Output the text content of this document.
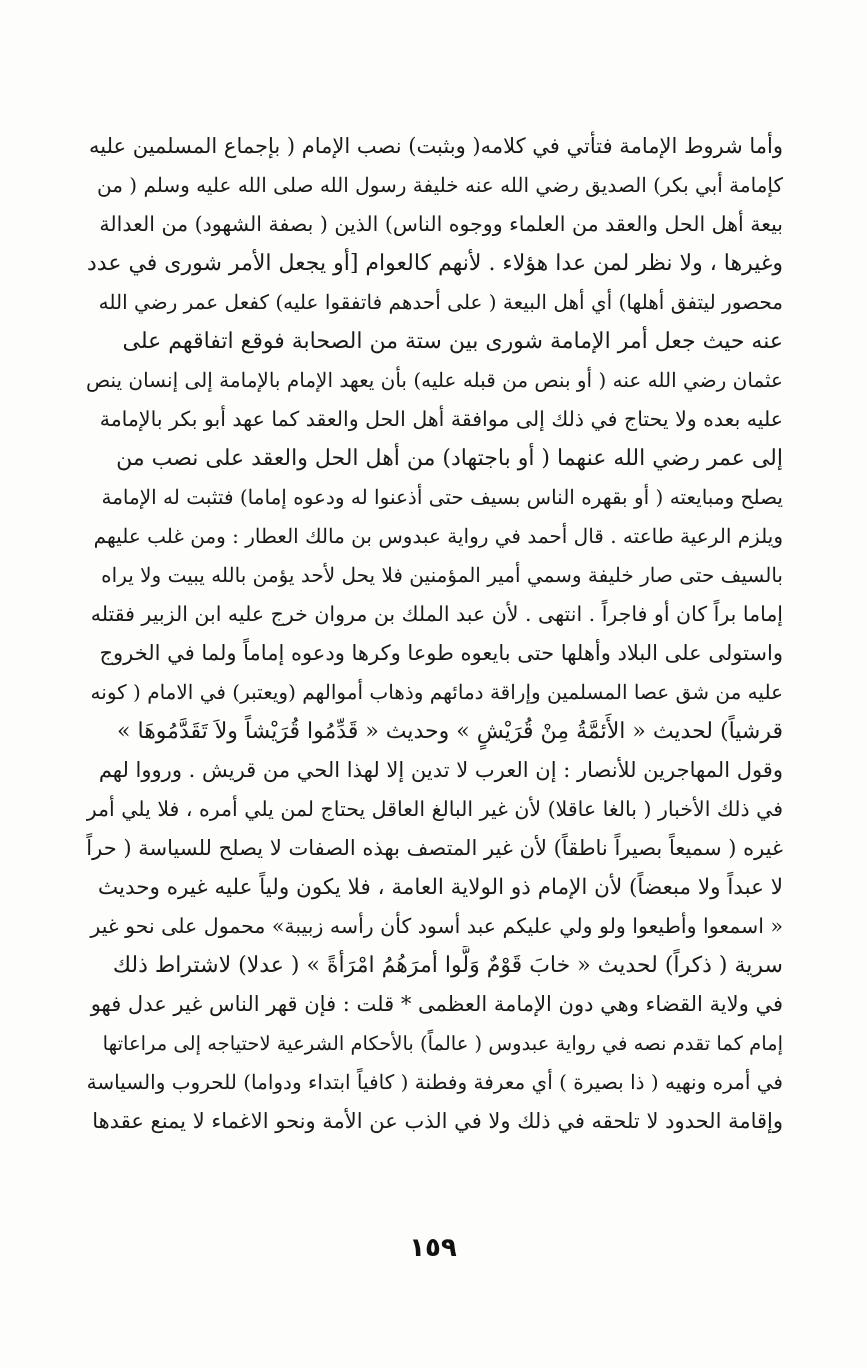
وأما شروط الإمامة فتأتي في كلامه( وبثبت) نصب الإمام ( بإجماع المسلمين عليه
كإمامة أبي بكر) الصديق رضي الله عنه خليفة رسول الله صلى الله عليه وسلم ( من
بيعة أهل الحل والعقد من العلماء ووجوه الناس) الذين ( بصفة الشهود) من العدالة
وغيرها ، ولا نظر لمن عدا هؤلاء . لأنهم كالعوام [أو يجعل الأمر شورى في عدد
محصور ليتفق أهلها) أي أهل البيعة ( على أحدهم فاتفقوا عليه) كفعل عمر رضي الله
عنه حيث جعل أمر الإمامة شورى بين ستة من الصحابة فوقع اتفاقهم على
عثمان رضي الله عنه ( أو بنص من قبله عليه) بأن يعهد الإمام بالإمامة إلى إنسان ينص
عليه بعده ولا يحتاج في ذلك إلى موافقة أهل الحل والعقد كما عهد أبو بكر بالإمامة
إلى عمر رضي الله عنهما ( أو باجتهاد) من أهل الحل والعقد على نصب من
يصلح ومبايعته ( أو بقهره الناس بسيف حتى أذعنوا له ودعوه إماما) فتثبت له الإمامة
ويلزم الرعية طاعته . قال أحمد في رواية عبدوس بن مالك العطار : ومن غلب عليهم
بالسيف حتى صار خليفة وسمي أمير المؤمنين فلا يحل لأحد يؤمن بالله يبيت ولا يراه
إماما براً كان أو فاجراً . انتهى . لأن عبد الملك بن مروان خرج عليه ابن الزبير فقتله
واستولى على البلاد وأهلها حتى بايعوه طوعا وكرها ودعوه إماماً ولما في الخروج
عليه من شق عصا المسلمين وإراقة دمائهم وذهاب أموالهم (ويعتبر) في الامام ( كونه
قرشياً) لحديث « الأَئمَّةُ مِنْ قُرَيْشٍ » وحديث « قَدِّمُوا قُرَيْشاً ولاَ تَقَدَّمُوهَا »
وقول المهاجرين للأنصار : إن العرب لا تدين إلا لهذا الحي من قريش . ورووا لهم
في ذلك الأخبار ( بالغا عاقلا) لأن غير البالغ العاقل يحتاج لمن يلي أمره ، فلا يلي أمر
غيره ( سميعاً بصيراً ناطقاً) لأن غير المتصف بهذه الصفات لا يصلح للسياسة ( حراً
لا عبداً ولا مبعضاً) لأن الإمام ذو الولاية العامة ، فلا يكون ولياً عليه غيره وحديث
« اسمعوا وأطيعوا ولو ولي عليكم عبد أسود كأن رأسه زبيبة» محمول على نحو غير
سرية ( ذكراً) لحديث « خابَ قَوْمٌ وَلَّوا أمرَهُمُ امْرَأةً » ( عدلا) لاشتراط ذلك
في ولاية القضاء وهي دون الإمامة العظمى * قلت : فإن قهر الناس غير عدل فهو
إمام كما تقدم نصه في رواية عبدوس ( عالماً) بالأحكام الشرعية لاحتياجه إلى مراعاتها
في أمره ونهيه ( ذا بصيرة ) أي معرفة وفطنة ( كافياً ابتداء ودواما) للحروب والسياسة
وإقامة الحدود لا تلحقه في ذلك ولا في الذب عن الأمة ونحو الاغماء لا يمنع عقدها
١٥٩
